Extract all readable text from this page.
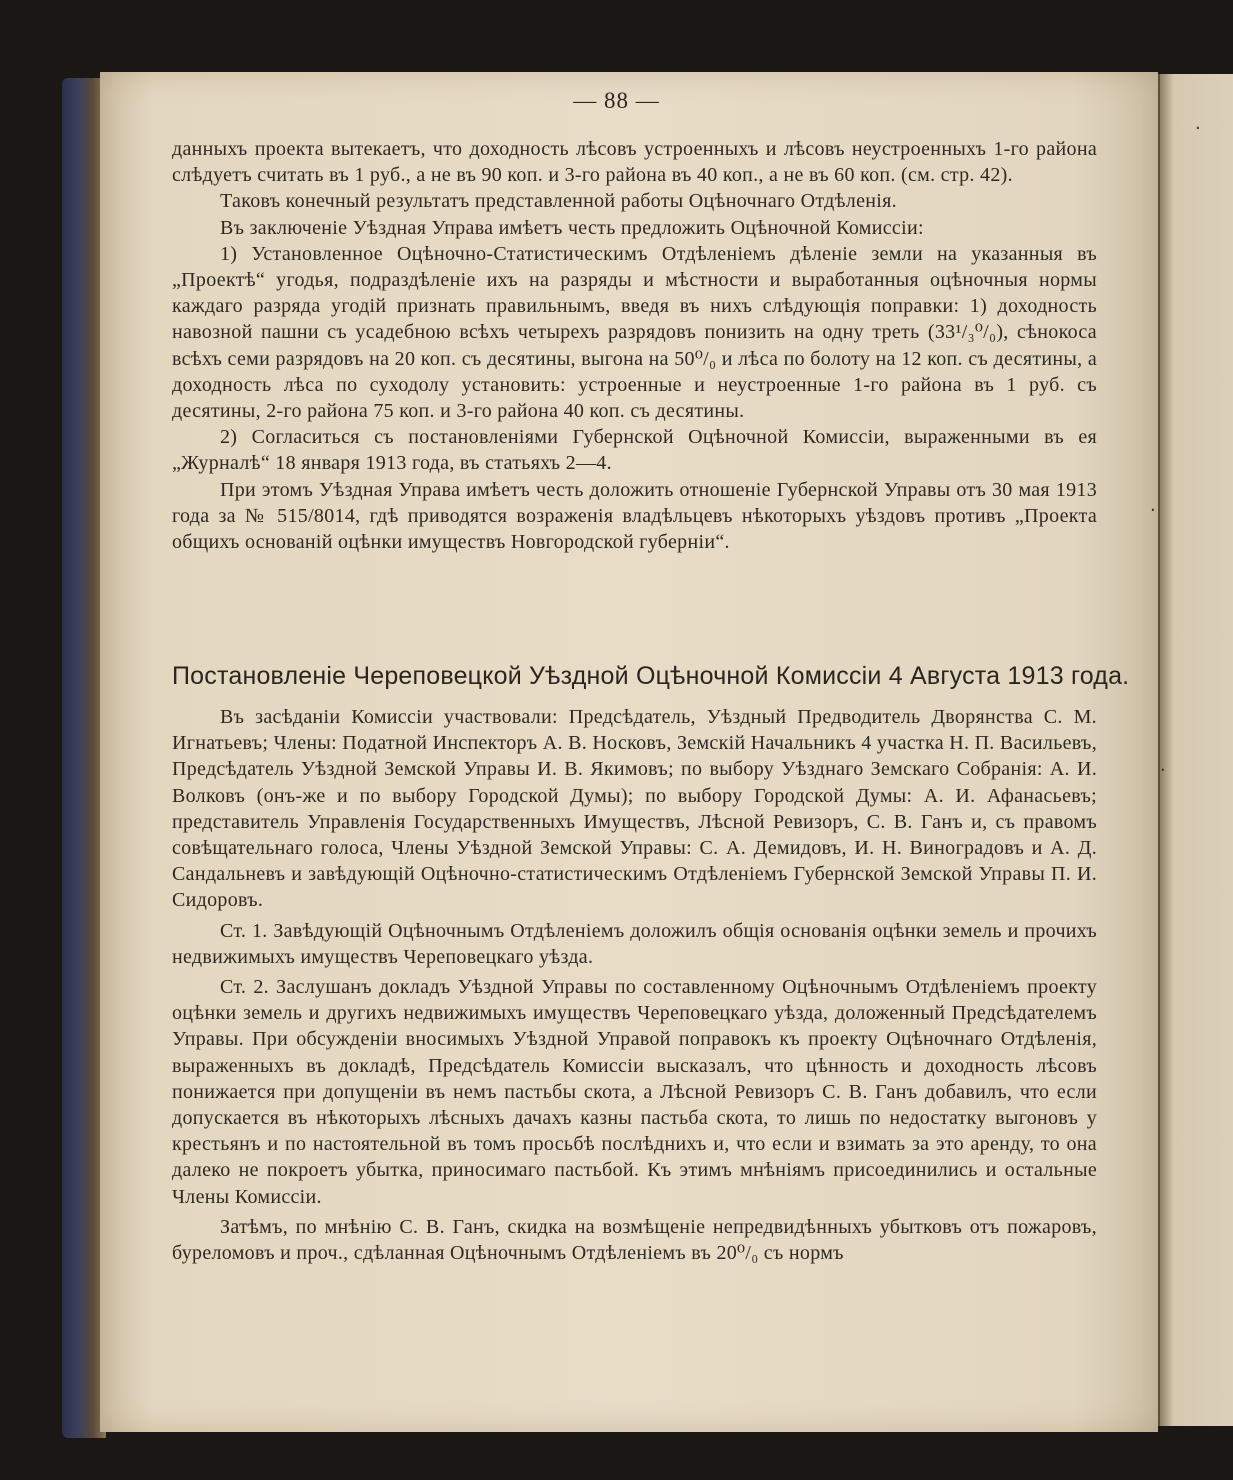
— 88 —

данныхъ проекта вытекаетъ, что доходность лѣсовъ устроенныхъ и лѣсовъ неустроенныхъ 1-го района слѣдуетъ считать въ 1 руб., а не въ 90 коп. и 3-го района въ 40 коп., а не въ 60 коп. (см. стр. 42).

Таковъ конечный результатъ представленной работы Оцѣночнаго Отдѣленія.

Въ заключеніе Уѣздная Управа имѣетъ честь предложить Оцѣночной Комиссіи:

1) Установленное Оцѣночно-Статистическимъ Отдѣленіемъ дѣленіе земли на указанныя въ „Проектѣ“ угодья, подраздѣленіе ихъ на разряды и мѣстности и выработанныя оцѣночныя нормы каждаго разряда угодій признать правильнымъ, введя въ нихъ слѣдующія поправки: 1) доходность навозной пашни съ усадебною всѣхъ четырехъ разрядовъ понизить на одну треть (33¹/₃⁰/₀), сѣнокоса всѣхъ семи разрядовъ на 20 коп. съ десятины, выгона на 50⁰/₀ и лѣса по болоту на 12 коп. съ десятины, а доходность лѣса по суходолу установить: устроенные и неустроенные 1-го района въ 1 руб. съ десятины, 2-го района 75 коп. и 3-го района 40 коп. съ десятины.

2) Согласиться съ постановленіями Губернской Оцѣночной Комиссіи, выраженными въ ея „Журналѣ“ 18 января 1913 года, въ статьяхъ 2—4.

При этомъ Уѣздная Управа имѣетъ честь доложить отношеніе Губернской Управы отъ 30 мая 1913 года за № 515/8014, гдѣ приводятся возраженія владѣльцевъ нѣкоторыхъ уѣздовъ противъ „Проекта общихъ основаній оцѣнки имуществъ Новгородской губерніи“.

Постановленіе Череповецкой Уѣздной Оцѣночной Комиссіи 4 Августа 1913 года.

Въ засѣданіи Комиссіи участвовали: Предсѣдатель, Уѣздный Предводитель Дворянства С. М. Игнатьевъ; Члены: Податной Инспекторъ А. В. Носковъ, Земскій Начальникъ 4 участка Н. П. Васильевъ, Предсѣдатель Уѣздной Земской Управы И. В. Якимовъ; по выбору Уѣзднаго Земскаго Собранія: А. И. Волковъ (онъ-же и по выбору Городской Думы); по выбору Городской Думы: А. И. Афанасьевъ; представитель Управленія Государственныхъ Имуществъ, Лѣсной Ревизоръ, С. В. Ганъ и, съ правомъ совѣщательнаго голоса, Члены Уѣздной Земской Управы: С. А. Демидовъ, И. Н. Виноградовъ и А. Д. Сандальневъ и завѣдующій Оцѣночно-статистическимъ Отдѣленіемъ Губернской Земской Управы П. И. Сидоровъ.

Ст. 1. Завѣдующій Оцѣночнымъ Отдѣленіемъ доложилъ общія основанія оцѣнки земель и прочихъ недвижимыхъ имуществъ Череповецкаго уѣзда.

Ст. 2. Заслушанъ докладъ Уѣздной Управы по составленному Оцѣночнымъ Отдѣленіемъ проекту оцѣнки земель и другихъ недвижимыхъ имуществъ Череповецкаго уѣзда, доложенный Предсѣдателемъ Управы. При обсужденіи вносимыхъ Уѣздной Управой поправокъ къ проекту Оцѣночнаго Отдѣленія, выраженныхъ въ докладѣ, Предсѣдатель Комиссіи высказалъ, что цѣнность и доходность лѣсовъ понижается при допущеніи въ немъ пастьбы скота, а Лѣсной Ревизоръ С. В. Ганъ добавилъ, что если допускается въ нѣкоторыхъ лѣсныхъ дачахъ казны пастьба скота, то лишь по недостатку выгоновъ у крестьянъ и по настоятельной въ томъ просьбѣ послѣднихъ и, что если и взимать за это аренду, то она далеко не покроетъ убытка, приносимаго пастьбой. Къ этимъ мнѣніямъ присоединились и остальные Члены Комиссіи.

Затѣмъ, по мнѣнію С. В. Ганъ, скидка на возмѣщеніе непредвидѣнныхъ убытковъ отъ пожаровъ, буреломовъ и проч., сдѣланная Оцѣночнымъ Отдѣленіемъ въ 20⁰/₀ съ нормъ

·
·
·
